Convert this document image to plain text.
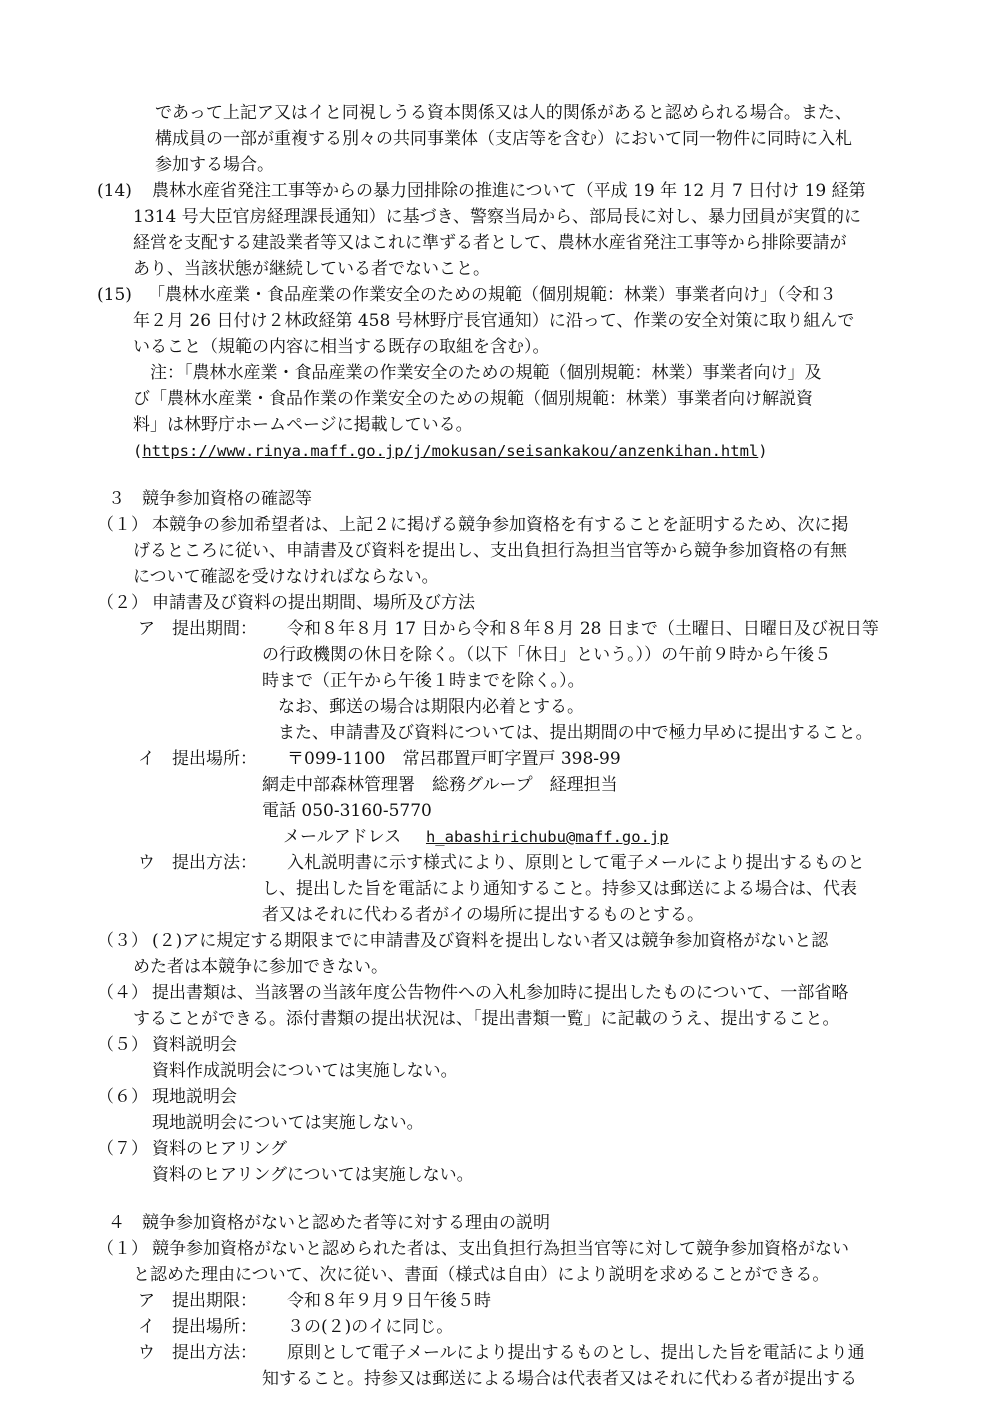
であって上記ア又はイと同視しうる資本関係又は人的関係があると認められる場合。また、
構成員の一部が重複する別々の共同事業体（支店等を含む）において同一物件に同時に入札
参加する場合。
(14) 農林水産省発注工事等からの暴力団排除の推進について（平成 19 年 12 月 7 日付け 19 経第
1314 号大臣官房経理課長通知）に基づき、警察当局から、部局長に対し、暴力団員が実質的に
経営を支配する建設業者等又はこれに準ずる者として、農林水産省発注工事等から排除要請が
あり、当該状態が継続している者でないこと。
(15) 「農林水産業・食品産業の作業安全のための規範（個別規範：林業）事業者向け」（令和３
年２月 26 日付け２林政経第 458 号林野庁長官通知）に沿って、作業の安全対策に取り組んで
いること（規範の内容に相当する既存の取組を含む）。
注：「農林水産業・食品産業の作業安全のための規範（個別規範：林業）事業者向け」及
び「農林水産業・食品作業の作業安全のための規範（個別規範：林業）事業者向け解説資
料」は林野庁ホームページに掲載している。
(https://www.rinya.maff.go.jp/j/mokusan/seisankakou/anzenkihan.html)
３　競争参加資格の確認等
（１） 本競争の参加希望者は、上記２に掲げる競争参加資格を有することを証明するため、次に掲
げるところに従い、申請書及び資料を提出し、支出負担行為担当官等から競争参加資格の有無
について確認を受けなければならない。
（２） 申請書及び資料の提出期間、場所及び方法
ア　提出期間： 令和８年８月 17 日から令和８年８月 28 日まで（土曜日、日曜日及び祝日等
の行政機関の休日を除く。（以下「休日」という。））の午前９時から午後５
時まで（正午から午後１時までを除く。）。
なお、郵送の場合は期限内必着とする。
また、申請書及び資料については、提出期間の中で極力早めに提出すること。
イ　提出場所： 〒099-1100　常呂郡置戸町字置戸 398-99
網走中部森林管理署　総務グループ　経理担当
電話 050-3160-5770
メールアドレス h_abashirichubu@maff.go.jp
ウ　提出方法： 入札説明書に示す様式により、原則として電子メールにより提出するものと
し、提出した旨を電話により通知すること。持参又は郵送による場合は、代表
者又はそれに代わる者がイの場所に提出するものとする。
（３） (２)アに規定する期限までに申請書及び資料を提出しない者又は競争参加資格がないと認
めた者は本競争に参加できない。
（４） 提出書類は、当該署の当該年度公告物件への入札参加時に提出したものについて、一部省略
することができる。添付書類の提出状況は、「提出書類一覧」に記載のうえ、提出すること。
（５） 資料説明会
資料作成説明会については実施しない。
（６） 現地説明会
現地説明会については実施しない。
（７） 資料のヒアリング
資料のヒアリングについては実施しない。
４　競争参加資格がないと認めた者等に対する理由の説明
（１） 競争参加資格がないと認められた者は、支出負担行為担当官等に対して競争参加資格がない
と認めた理由について、次に従い、書面（様式は自由）により説明を求めることができる。
ア　提出期限： 令和８年９月９日午後５時
イ　提出場所： ３の(２)のイに同じ。
ウ　提出方法： 原則として電子メールにより提出するものとし、提出した旨を電話により通
知すること。持参又は郵送による場合は代表者又はそれに代わる者が提出する
